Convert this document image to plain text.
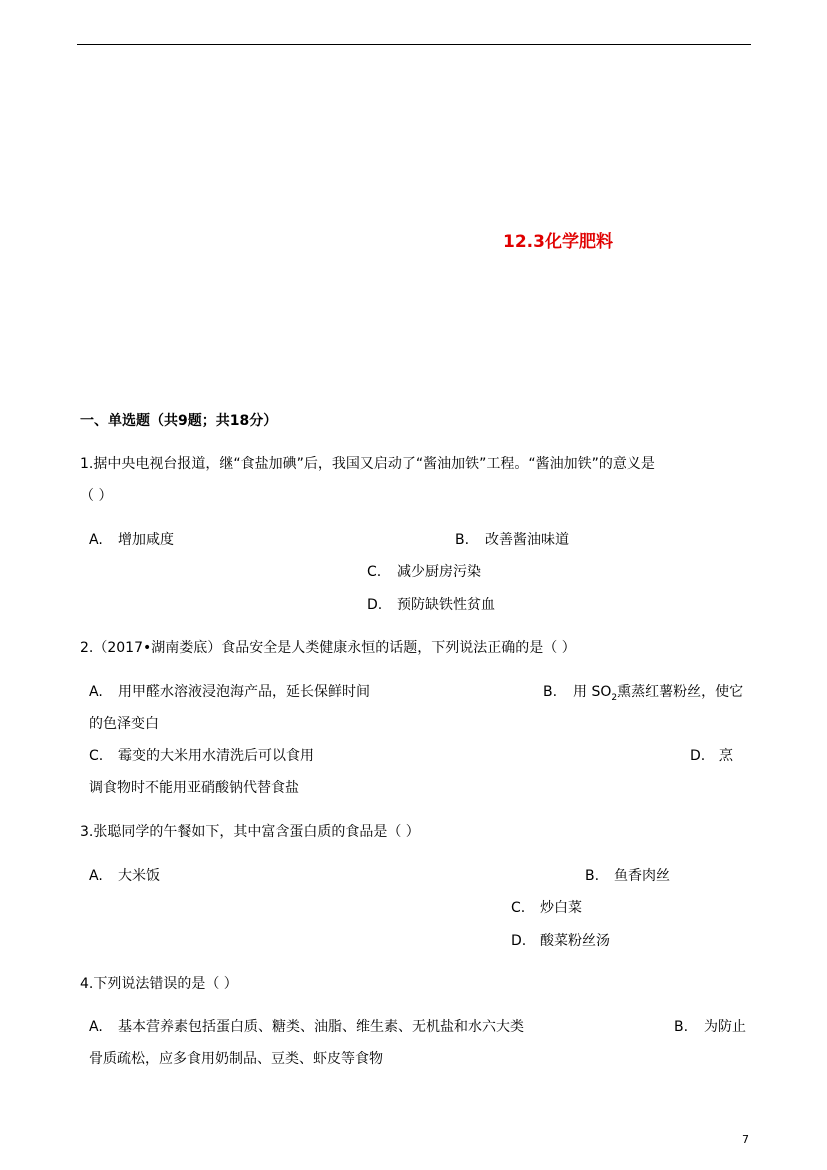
12.3化学肥料
一、单选题（共9题；共18分）
1.据中央电视台报道，继“食盐加碘”后，我国又启动了“酱油加铁”工程。“酱油加铁”的意义是
（ ）
A. 增加咸度	B. 改善酱油味道
C. 减少厨房污染
D. 预防缺铁性贫血
2.（2017•湖南娄底）食品安全是人类健康永恒的话题，下列说法正确的是（ ）
A. 用甲醛水溶液浸泡海产品，延长保鲜时间	B. 用 $SO_2$熏蒸红薯粉丝，使它
的色泽变白
C. 霉变的大米用水清洗后可以食用	D. 烹
调食物时不能用亚硝酸钠代替食盐
3.张聪同学的午餐如下，其中富含蛋白质的食品是（ ）
A. 大米饭	B. 鱼香肉丝
C. 炒白菜
D. 酸菜粉丝汤
4.下列说法错误的是（ ）
A. 基本营养素包括蛋白质、糖类、油脂、维生素、无机盐和水六大类	B. 为防止
骨质疏松，应多食用奶制品、豆类、虾皮等食物
7
